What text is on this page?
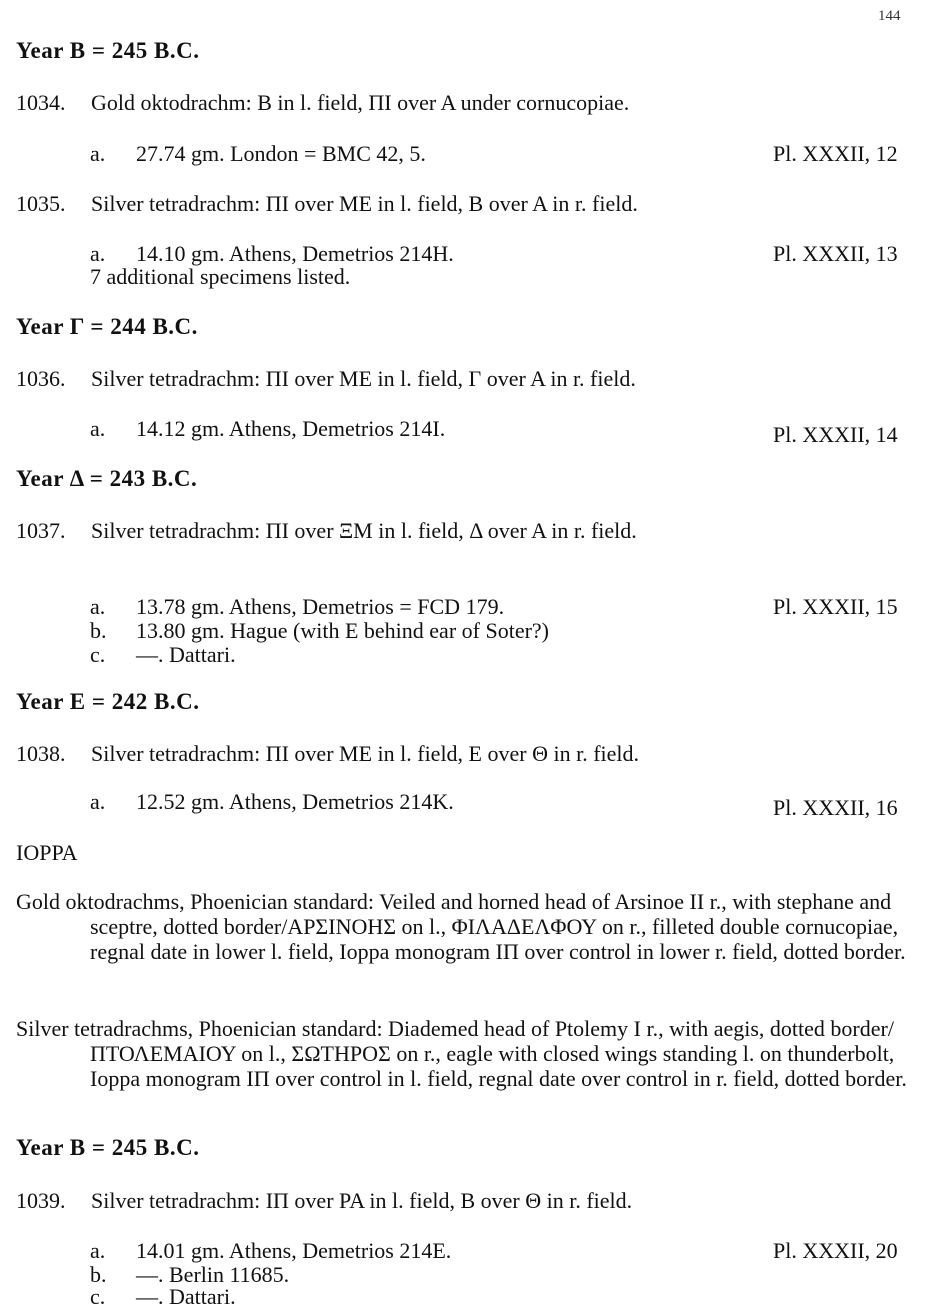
144
Year B = 245 B.C.
1034. Gold oktodrachm: B in l. field, ΠΙ over A under cornucopiae.
a. 27.74 gm. London = BMC 42, 5.	Pl. XXXII, 12
1035. Silver tetradrachm: ΠΙ over ΜΕ in l. field, B over A in r. field.
a. 14.10 gm. Athens, Demetrios 214H.	Pl. XXXII, 13
7 additional specimens listed.
Year Γ = 244 B.C.
1036. Silver tetradrachm: ΠΙ over ΜΕ in l. field, Γ over A in r. field.
a. 14.12 gm. Athens, Demetrios 214I.	Pl. XXXII, 14
Year Δ = 243 B.C.
1037. Silver tetradrachm: ΠΙ over ΞΜ in l. field, Δ over A in r. field.
a. 13.78 gm. Athens, Demetrios = FCD 179.	Pl. XXXII, 15
b. 13.80 gm. Hague (with E behind ear of Soter?)
c. —. Dattari.
Year E = 242 B.C.
1038. Silver tetradrachm: ΠΙ over ΜΕ in l. field, E over Θ in r. field.
a. 12.52 gm. Athens, Demetrios 214K.	Pl. XXXII, 16
IOPPA
Gold oktodrachms, Phoenician standard: Veiled and horned head of Arsinoe II r., with stephane and sceptre, dotted border/ΑΡΣΙΝΟΗΣ on l., ΦΙΛΑΔΕΛΦΟΥ on r., filleted double cornucopiae, regnal date in lower l. field, Ioppa monogram ΙΠ over control in lower r. field, dotted border.
Silver tetradrachms, Phoenician standard: Diademed head of Ptolemy I r., with aegis, dotted border/ΠΤΟΛΕΜΑΙΟΥ on l., ΣΩΤΗΡΟΣ on r., eagle with closed wings standing l. on thunderbolt, Ioppa monogram ΙΠ over control in l. field, regnal date over control in r. field, dotted border.
Year B = 245 B.C.
1039. Silver tetradrachm: ΙΠ over ΡΑ in l. field, B over Θ in r. field.
a. 14.01 gm. Athens, Demetrios 214E.	Pl. XXXII, 20
b. —. Berlin 11685.
c. —. Dattari.
